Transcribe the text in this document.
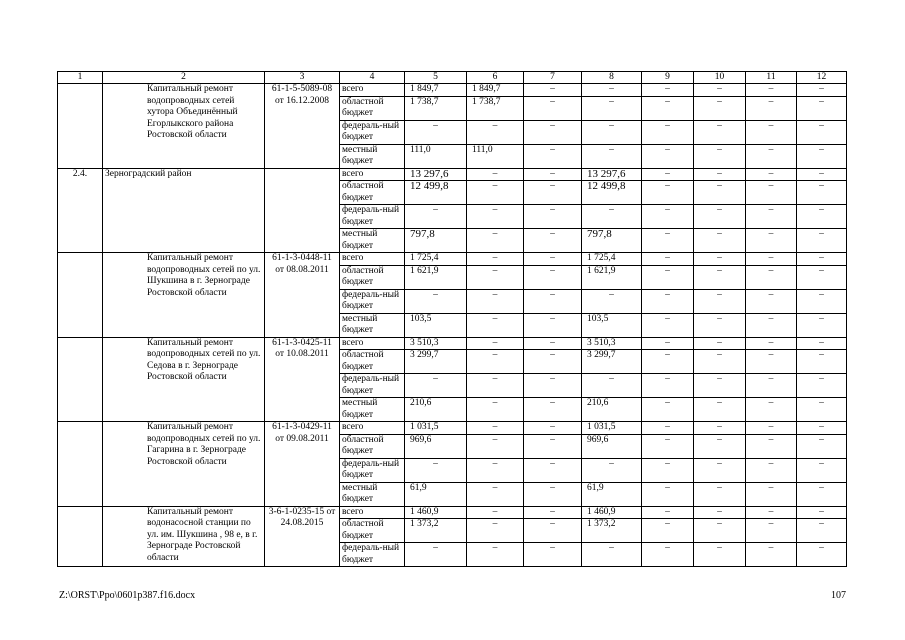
1	2	3	4	5	6	7	8	9	10	11	12
	Капитальный ремонт водопроводных сетей хутора Объединённый Егорлыкского района Ростовской области	61-1-5-5089-08 от 16.12.2008	всего	1 849,7	1 849,7	–	–	–	–	–	–
			областной бюджет	1 738,7	1 738,7	–	–	–	–	–	–
			федераль-ный бюджет	–	–	–	–	–	–	–	–
			местный бюджет	111,0	111,0	–	–	–	–	–	–
2.4.	Зерноградский район		всего	13 297,6	–	–	13 297,6	–	–	–	–
			областной бюджет	12 499,8	–	–	12 499,8	–	–	–	–
			федераль-ный бюджет	–	–	–	–	–	–	–	–
			местный бюджет	797,8	–	–	797,8	–	–	–	–
	Капитальный ремонт водопроводных сетей по ул. Шукшина в г. Зернограде Ростовской области	61-1-3-0448-11 от 08.08.2011	всего	1 725,4	–	–	1 725,4	–	–	–	–
			областной бюджет	1 621,9	–	–	1 621,9	–	–	–	–
			федераль-ный бюджет	–	–	–	–	–	–	–	–
			местный бюджет	103,5	–	–	103,5	–	–	–	–
	Капитальный ремонт водопроводных сетей по ул. Седова в г. Зернограде Ростовской области	61-1-3-0425-11 от 10.08.2011	всего	3 510,3	–	–	3 510,3	–	–	–	–
			областной бюджет	3 299,7	–	–	3 299,7	–	–	–	–
			федераль-ный бюджет	–	–	–	–	–	–	–	–
			местный бюджет	210,6	–	–	210,6	–	–	–	–
	Капитальный ремонт водопроводных сетей по ул. Гагарина в г. Зернограде Ростовской области	61-1-3-0429-11 от 09.08.2011	всего	1 031,5	–	–	1 031,5	–	–	–	–
			областной бюджет	969,6	–	–	969,6	–	–	–	–
			федераль-ный бюджет	–	–	–	–	–	–	–	–
			местный бюджет	61,9	–	–	61,9	–	–	–	–
	Капитальный ремонт водонасосной станции по ул. им. Шукшина , 98 е, в г. Зернограде Ростовской области	3-6-1-0235-15 от 24.08.2015	всего	1 460,9	–	–	1 460,9	–	–	–	–
			областной бюджет	1 373,2	–	–	1 373,2	–	–	–	–
			федераль-ный бюджет	–	–	–	–	–	–	–	–
Z:\ORST\Ppo\0601p387.f16.docx	107
